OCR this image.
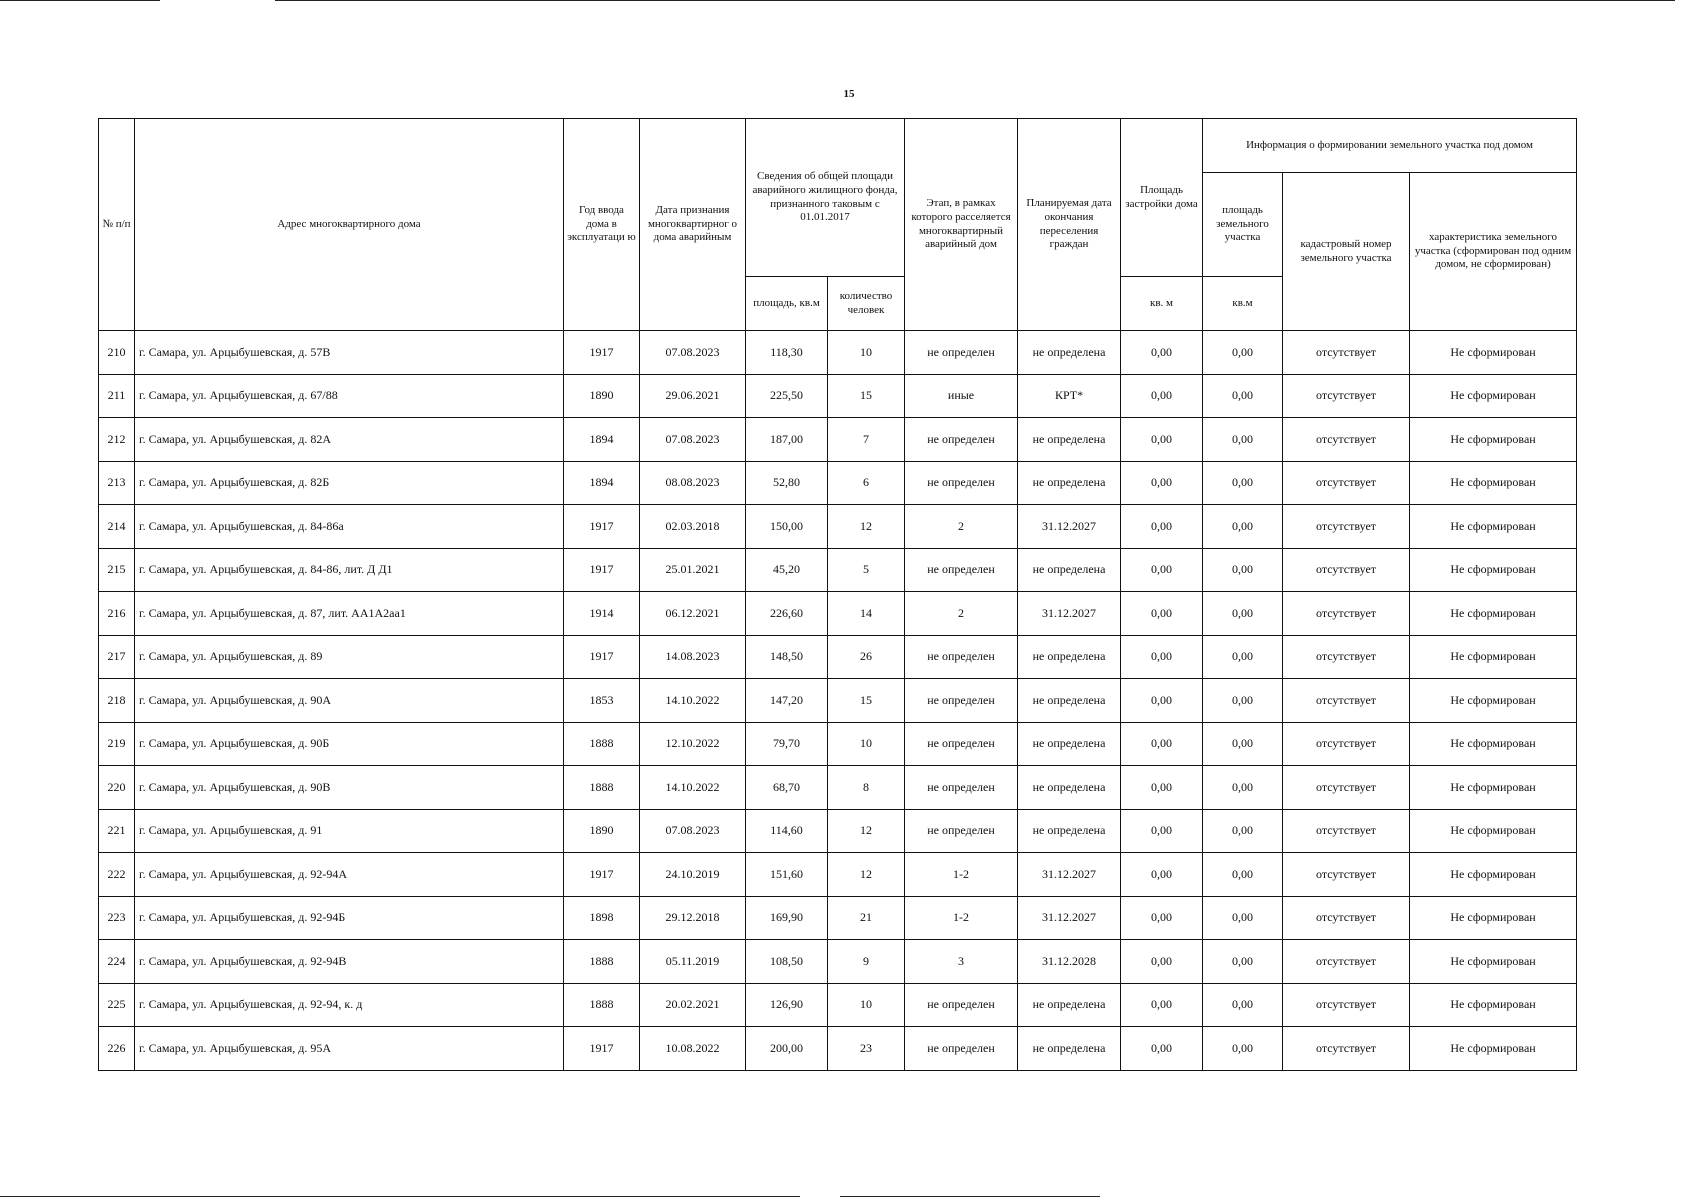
15
№ п/п	Адрес многоквартирного дома	Год ввода дома в эксплуатаци ю	Дата признания многоквартирног о дома аварийным	Сведения об общей площади аварийного жилищного фонда, признанного таковым с 01.01.2017		Этап, в рамках которого расселяется многоквартирный аварийный дом	Планируемая дата окончания переселения граждан	Площадь застройки дома	Информация о формировании земельного участка под домом		
									площадь земельного участка	кадастровый номер земельного участка	характеристика земельного участка (сформирован под одним домом, не сформирован)
				площадь, кв.м	количество человек			кв. м	кв.м		
210	г. Самара, ул. Арцыбушевская, д. 57В	1917	07.08.2023	118,30	10	не определен	не определена	0,00	0,00	отсутствует	Не сформирован
211	г. Самара, ул. Арцыбушевская, д. 67/88	1890	29.06.2021	225,50	15	иные	КРТ*	0,00	0,00	отсутствует	Не сформирован
212	г. Самара, ул. Арцыбушевская, д. 82А	1894	07.08.2023	187,00	7	не определен	не определена	0,00	0,00	отсутствует	Не сформирован
213	г. Самара, ул. Арцыбушевская, д. 82Б	1894	08.08.2023	52,80	6	не определен	не определена	0,00	0,00	отсутствует	Не сформирован
214	г. Самара, ул. Арцыбушевская, д. 84-86а	1917	02.03.2018	150,00	12	2	31.12.2027	0,00	0,00	отсутствует	Не сформирован
215	г. Самара, ул. Арцыбушевская, д. 84-86, лит. Д Д1	1917	25.01.2021	45,20	5	не определен	не определена	0,00	0,00	отсутствует	Не сформирован
216	г. Самара, ул. Арцыбушевская, д. 87, лит. АА1А2аа1	1914	06.12.2021	226,60	14	2	31.12.2027	0,00	0,00	отсутствует	Не сформирован
217	г. Самара, ул. Арцыбушевская, д. 89	1917	14.08.2023	148,50	26	не определен	не определена	0,00	0,00	отсутствует	Не сформирован
218	г. Самара, ул. Арцыбушевская, д. 90А	1853	14.10.2022	147,20	15	не определен	не определена	0,00	0,00	отсутствует	Не сформирован
219	г. Самара, ул. Арцыбушевская, д. 90Б	1888	12.10.2022	79,70	10	не определен	не определена	0,00	0,00	отсутствует	Не сформирован
220	г. Самара, ул. Арцыбушевская, д. 90В	1888	14.10.2022	68,70	8	не определен	не определена	0,00	0,00	отсутствует	Не сформирован
221	г. Самара, ул. Арцыбушевская, д. 91	1890	07.08.2023	114,60	12	не определен	не определена	0,00	0,00	отсутствует	Не сформирован
222	г. Самара, ул. Арцыбушевская, д. 92-94А	1917	24.10.2019	151,60	12	1-2	31.12.2027	0,00	0,00	отсутствует	Не сформирован
223	г. Самара, ул. Арцыбушевская, д. 92-94Б	1898	29.12.2018	169,90	21	1-2	31.12.2027	0,00	0,00	отсутствует	Не сформирован
224	г. Самара, ул. Арцыбушевская, д. 92-94В	1888	05.11.2019	108,50	9	3	31.12.2028	0,00	0,00	отсутствует	Не сформирован
225	г. Самара, ул. Арцыбушевская, д. 92-94, к. д	1888	20.02.2021	126,90	10	не определен	не определена	0,00	0,00	отсутствует	Не сформирован
226	г. Самара, ул. Арцыбушевская, д. 95А	1917	10.08.2022	200,00	23	не определен	не определена	0,00	0,00	отсутствует	Не сформирован
